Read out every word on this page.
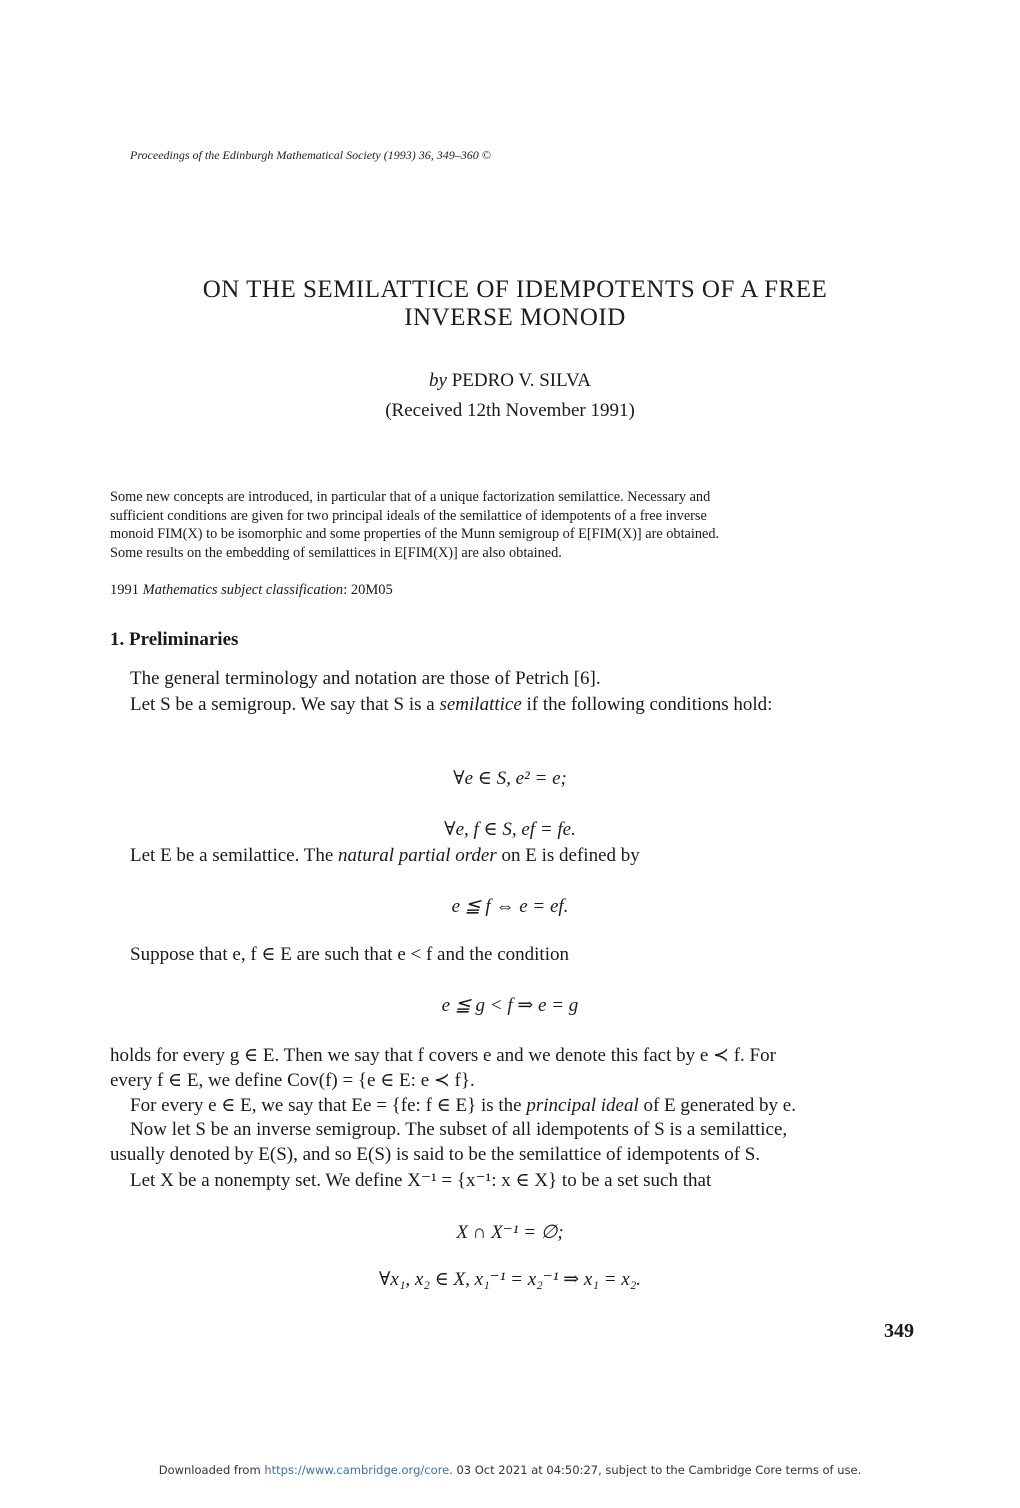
Proceedings of the Edinburgh Mathematical Society (1993) 36, 349–360 ©
ON THE SEMILATTICE OF IDEMPOTENTS OF A FREE
INVERSE MONOID
by PEDRO V. SILVA
(Received 12th November 1991)
Some new concepts are introduced, in particular that of a unique factorization semilattice. Necessary and
sufficient conditions are given for two principal ideals of the semilattice of idempotents of a free inverse
monoid FIM(X) to be isomorphic and some properties of the Munn semigroup of E[FIM(X)] are obtained.
Some results on the embedding of semilattices in E[FIM(X)] are also obtained.
1991 Mathematics subject classification: 20M05
1. Preliminaries
The general terminology and notation are those of Petrich [6].
Let S be a semigroup. We say that S is a semilattice if the following conditions hold:
∀e ∈ S, e² = e;
∀e, f ∈ S, ef = fe.
Let E be a semilattice. The natural partial order on E is defined by
e ≦ f ⇔ e = ef.
Suppose that e, f ∈ E are such that e < f and the condition
e ≦ g < f ⇒ e = g
holds for every g ∈ E. Then we say that f covers e and we denote this fact by e ≺ f. For
every f ∈ E, we define Cov(f) = {e ∈ E: e ≺ f}.
For every e ∈ E, we say that Ee = {fe: f ∈ E} is the principal ideal of E generated by e.
Now let S be an inverse semigroup. The subset of all idempotents of S is a semilattice,
usually denoted by E(S), and so E(S) is said to be the semilattice of idempotents of S.
Let X be a nonempty set. We define X⁻¹ = {x⁻¹: x ∈ X} to be a set such that
X ∩ X⁻¹ = ∅;
∀x₁, x₂ ∈ X, x₁⁻¹ = x₂⁻¹ ⇒ x₁ = x₂.
349
Downloaded from https://www.cambridge.org/core. 03 Oct 2021 at 04:50:27, subject to the Cambridge Core terms of use.
